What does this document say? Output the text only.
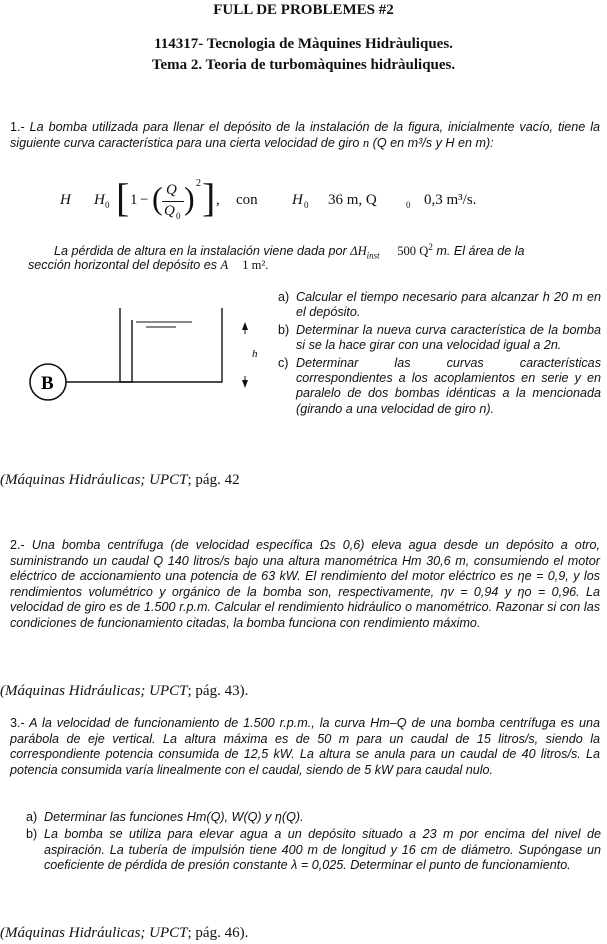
FULL DE PROBLEMES #2
114317- Tecnologia de Màquines Hidràuliques.
Tema 2. Teoria de turbomàquines hidràuliques.
1.- La bomba utilizada para llenar el depósito de la instalación de la figura, inicialmente vacío, tiene la siguiente curva característica para una cierta velocidad de giro n (Q en m³/s y H en m):
H H 0 [ 1 − ( Q
Q 0 ) 2 ] , con H 0 36 m, Q	0 0,3 m³/s.
La pérdida de altura en la instalación viene dada por $\Delta H_{inst}$ 500 $Q^2$ m. El área de la
sección horizontal del depósito es A 1 m².
B
h
a) Calcular el tiempo necesario para alcanzar h 20 m en el depósito.
b) Determinar la nueva curva característica de la bomba si se la hace girar con una velocidad igual a 2n.
c) Determinar las curvas características correspondientes a los acoplamientos en serie y en paralelo de dos bombas idénticas a la mencionada (girando a una velocidad de giro n).
(Máquinas Hidráulicas; UPCT; pág. 42
2.- Una bomba centrífuga (de velocidad específica Ωs 0,6) eleva agua desde un depósito a otro, suministrando un caudal Q 140 litros/s bajo una altura manométrica Hm 30,6 m, consumiendo el motor eléctrico de accionamiento una potencia de 63 kW. El rendimiento del motor eléctrico es ηe = 0,9, y los rendimientos volumétrico y orgánico de la bomba son, respectivamente, ηv = 0,94 y ηo = 0,96. La velocidad de giro es de 1.500 r.p.m. Calcular el rendimiento hidráulico o manométrico. Razonar si con las condiciones de funcionamiento citadas, la bomba funciona con rendimiento máximo.
(Máquinas Hidráulicas; UPCT; pág. 43).
3.- A la velocidad de funcionamiento de 1.500 r.p.m., la curva Hm–Q de una bomba centrífuga es una parábola de eje vertical. La altura máxima es de 50 m para un caudal de 15 litros/s, siendo la correspondiente potencia consumida de 12,5 kW. La altura se anula para un caudal de 40 litros/s. La potencia consumida varía linealmente con el caudal, siendo de 5 kW para caudal nulo.
a) Determinar las funciones Hm(Q), W(Q) y η(Q).
b) La bomba se utiliza para elevar agua a un depósito situado a 23 m por encima del nivel de aspiración. La tubería de impulsión tiene 400 m de longitud y 16 cm de diámetro. Supóngase un coeficiente de pérdida de presión constante λ = 0,025. Determinar el punto de funcionamiento.
(Máquinas Hidráulicas; UPCT; pág. 46).
